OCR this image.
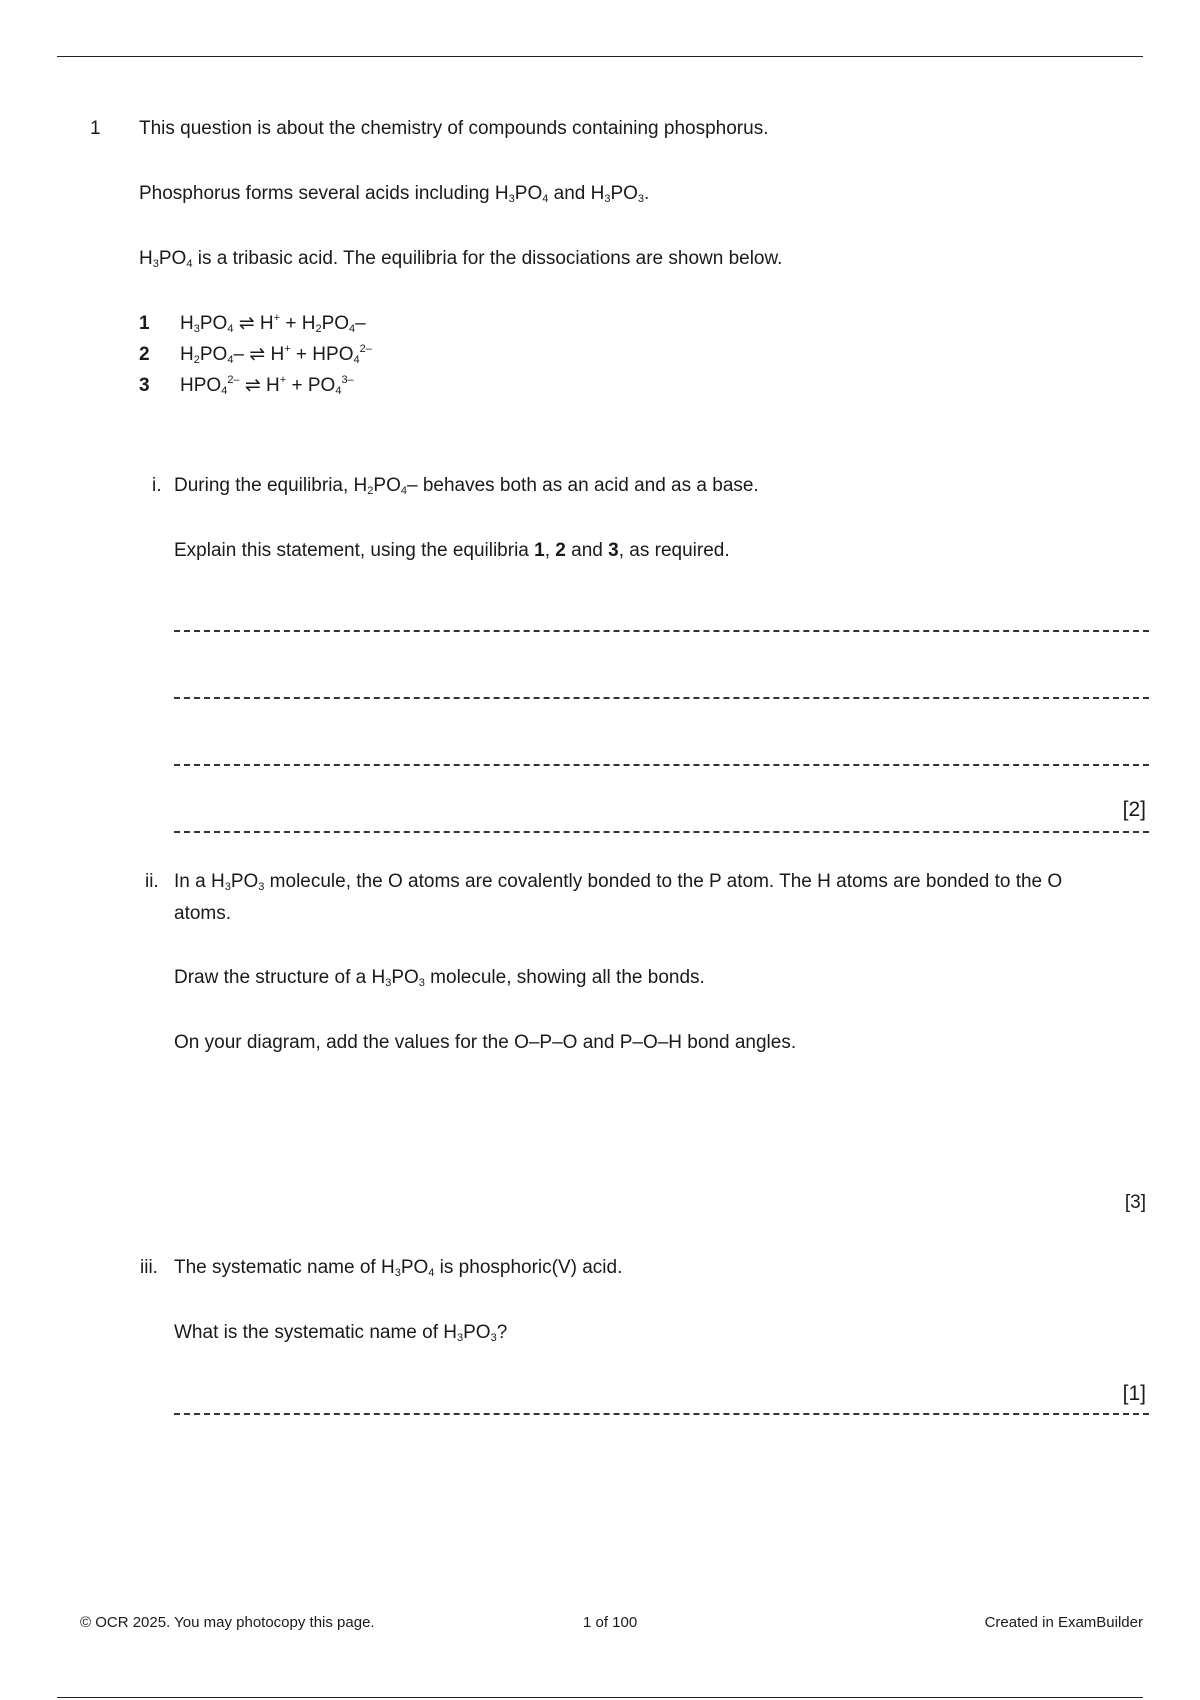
1 This question is about the chemistry of compounds containing phosphorus.
Phosphorus forms several acids including $H_3PO_4$ and $H_3PO_3$.
$H_3PO_4$ is a tribasic acid. The equilibria for the dissociations are shown below.
1 $H_3PO_4$ ⇌ $H^+ + H_2PO_4-$
2 $H_2PO_4-$ ⇌ $H^+ + HPO_4^{2-}$
3 $HPO_4^{2-}$ ⇌ $H^+ + PO_4^{3-}$
i. During the equilibria, $H_2PO_4-$ behaves both as an acid and as a base.
Explain this statement, using the equilibria 1, 2 and 3, as required.
[2]
ii. In a $H_3PO_3$ molecule, the O atoms are covalently bonded to the P atom. The H atoms are bonded to the O
atoms.
Draw the structure of a $H_3PO_3$ molecule, showing all the bonds.
On your diagram, add the values for the O–P–O and P–O–H bond angles.
[3]
iii. The systematic name of $H_3PO_4$ is phosphoric(V) acid.
What is the systematic name of $H_3PO_3$?
[1]
© OCR 2025. You may photocopy this page.	1 of 100	Created in ExamBuilder
